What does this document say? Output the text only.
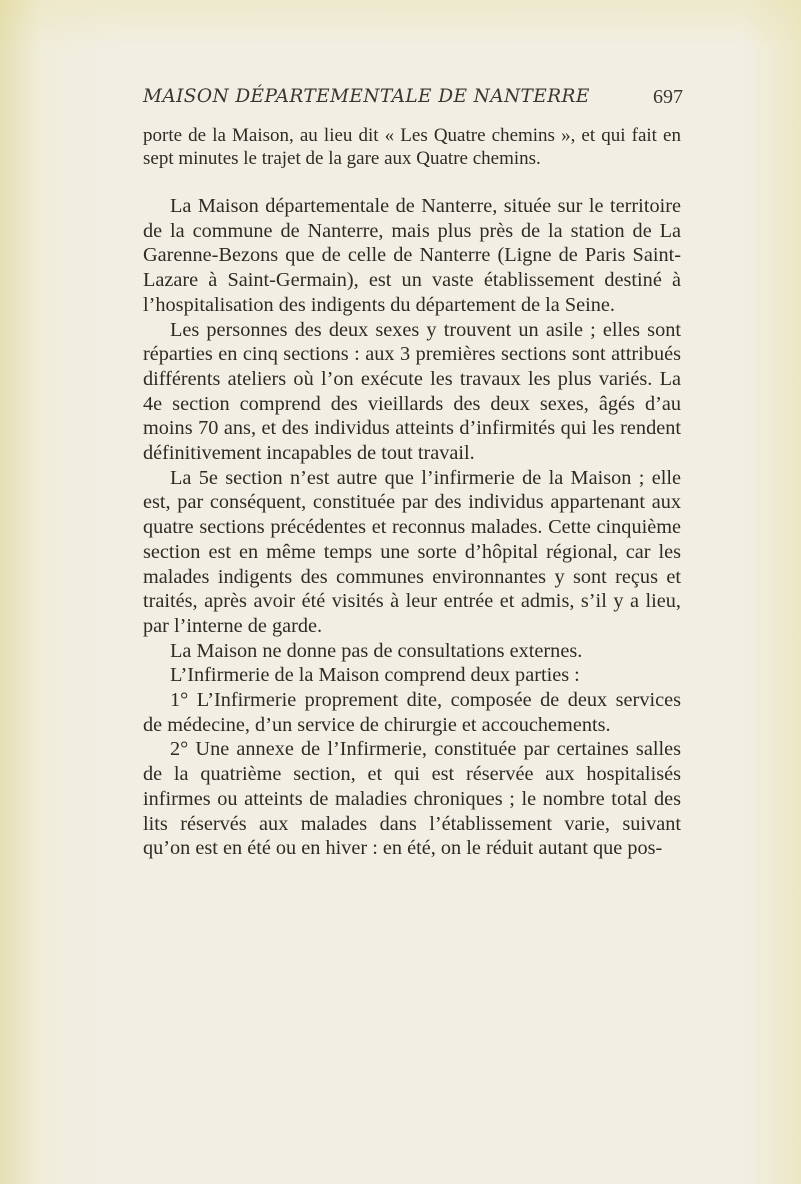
MAISON DÉPARTEMENTALE DE NANTERRE	697

porte de la Maison, au lieu dit « Les Quatre chemins », et qui fait en sept minutes le trajet de la gare aux Quatre chemins.

La Maison départementale de Nanterre, située sur le territoire de la commune de Nanterre, mais plus près de la station de La Garenne-Bezons que de celle de Nanterre (Ligne de Paris Saint-Lazare à Saint-Germain), est un vaste établissement destiné à l’hospitalisation des indigents du département de la Seine.

Les personnes des deux sexes y trouvent un asile ; elles sont réparties en cinq sections : aux 3 premières sections sont attribués différents ateliers où l’on exécute les travaux les plus variés. La 4e section comprend des vieillards des deux sexes, âgés d’au moins 70 ans, et des individus atteints d’infirmités qui les rendent définitivement incapables de tout travail.

La 5e section n’est autre que l’infirmerie de la Maison ; elle est, par conséquent, constituée par des individus appartenant aux quatre sections précédentes et reconnus malades. Cette cinquième section est en même temps une sorte d’hôpital régional, car les malades indigents des communes environnantes y sont reçus et traités, après avoir été visités à leur entrée et admis, s’il y a lieu, par l’interne de garde.

La Maison ne donne pas de consultations externes.

L’Infirmerie de la Maison comprend deux parties :

1° L’Infirmerie proprement dite, composée de deux services de médecine, d’un service de chirurgie et accouchements.

2° Une annexe de l’Infirmerie, constituée par certaines salles de la quatrième section, et qui est réservée aux hospitalisés infirmes ou atteints de maladies chroniques ; le nombre total des lits réservés aux malades dans l’établissement varie, suivant qu’on est en été ou en hiver : en été, on le réduit autant que pos-
